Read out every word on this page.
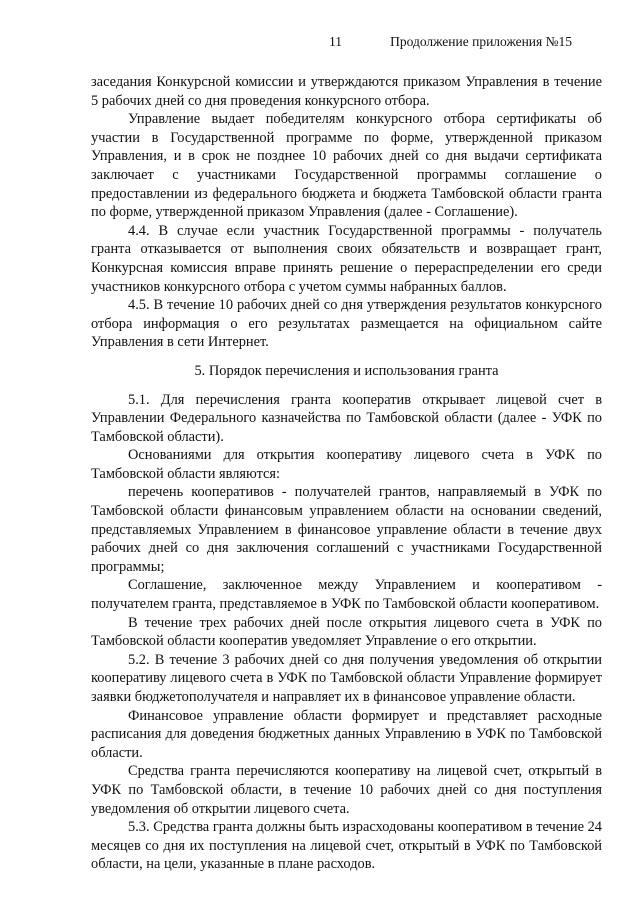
11	Продолжение приложения №15

заседания Конкурсной комиссии и утверждаются приказом Управления в течение 5 рабочих дней со дня проведения конкурсного отбора.

Управление выдает победителям конкурсного отбора сертификаты об участии в Государственной программе по форме, утвержденной приказом Управления, и в срок не позднее 10 рабочих дней со дня выдачи сертификата заключает с участниками Государственной программы соглашение о предоставлении из федерального бюджета и бюджета Тамбовской области гранта по форме, утвержденной приказом Управления (далее - Соглашение).

4.4. В случае если участник Государственной программы - получатель гранта отказывается от выполнения своих обязательств и возвращает грант, Конкурсная комиссия вправе принять решение о перераспределении его среди участников конкурсного отбора с учетом суммы набранных баллов.

4.5. В течение 10 рабочих дней со дня утверждения результатов конкурсного отбора информация о его результатах размещается на официальном сайте Управления в сети Интернет.

5. Порядок перечисления и использования гранта

5.1. Для перечисления гранта кооператив открывает лицевой счет в Управлении Федерального казначейства по Тамбовской области (далее - УФК по Тамбовской области).

Основаниями для открытия кооперативу лицевого счета в УФК по Тамбовской области являются:

перечень кооперативов - получателей грантов, направляемый в УФК по Тамбовской области финансовым управлением области на основании сведений, представляемых Управлением в финансовое управление области в течение двух рабочих дней со дня заключения соглашений с участниками Государственной программы;

Соглашение, заключенное между Управлением и кооперативом - получателем гранта, представляемое в УФК по Тамбовской области кооперативом.

В течение трех рабочих дней после открытия лицевого счета в УФК по Тамбовской области кооператив уведомляет Управление о его открытии.

5.2. В течение 3 рабочих дней со дня получения уведомления об открытии кооперативу лицевого счета в УФК по Тамбовской области Управление формирует заявки бюджетополучателя и направляет их в финансовое управление области.

Финансовое управление области формирует и представляет расходные расписания для доведения бюджетных данных Управлению в УФК по Тамбовской области.

Средства гранта перечисляются кооперативу на лицевой счет, открытый в УФК по Тамбовской области, в течение 10 рабочих дней со дня поступления уведомления об открытии лицевого счета.

5.3. Средства гранта должны быть израсходованы кооперативом в течение 24 месяцев со дня их поступления на лицевой счет, открытый в УФК по Тамбовской области, на цели, указанные в плане расходов.
